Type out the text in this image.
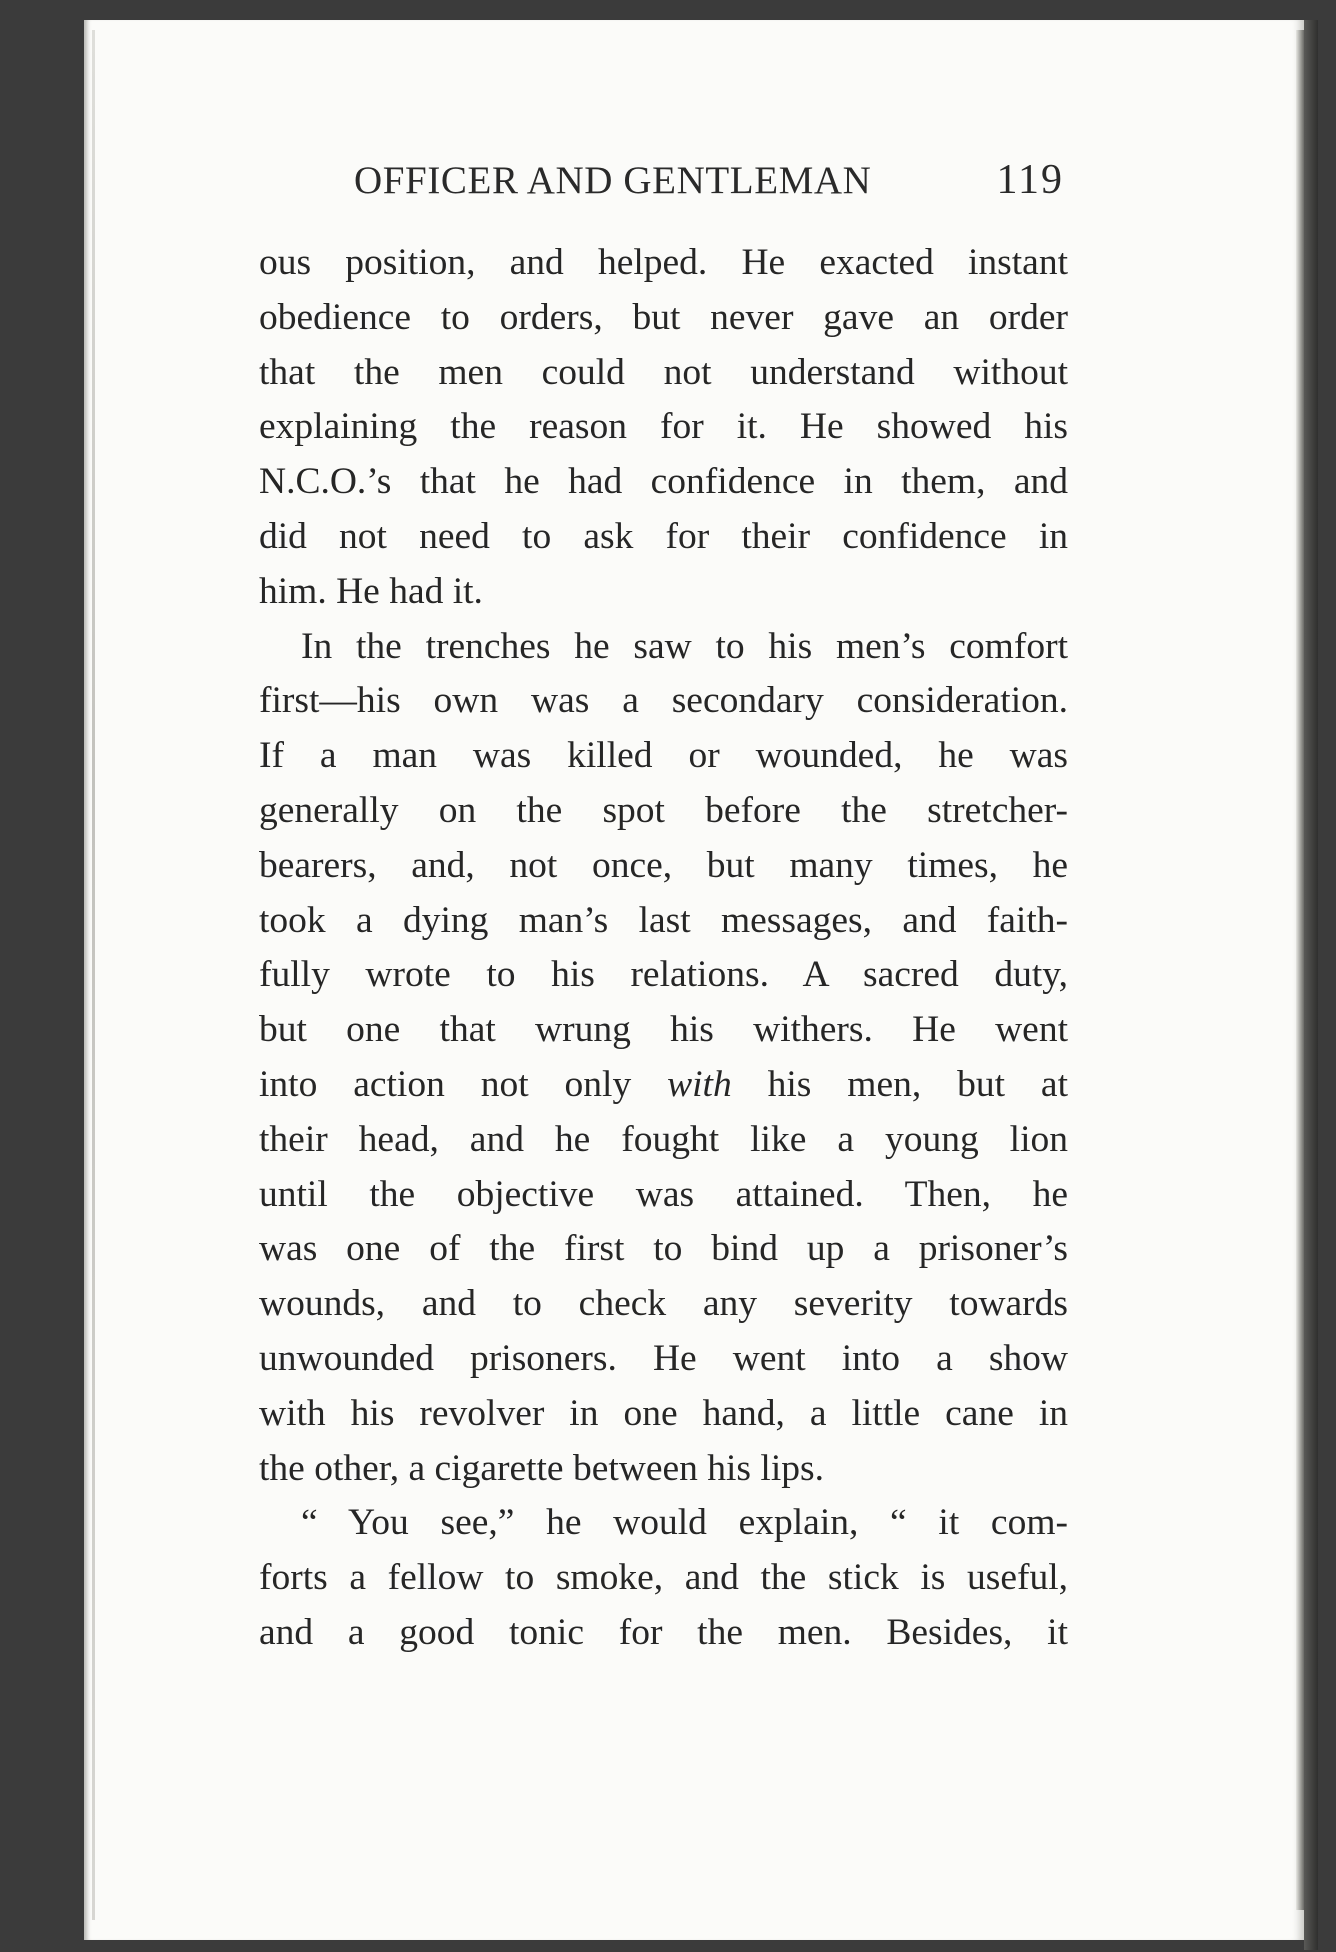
OFFICER AND GENTLEMAN	119
ous position, and helped. He exacted instant
obedience to orders, but never gave an order
that the men could not understand without
explaining the reason for it. He showed his
N.C.O.’s that he had confidence in them, and
did not need to ask for their confidence in
him. He had it.
In the trenches he saw to his men’s comfort
first—his own was a secondary consideration.
If a man was killed or wounded, he was
generally on the spot before the stretcher-
bearers, and, not once, but many times, he
took a dying man’s last messages, and faith-
fully wrote to his relations. A sacred duty,
but one that wrung his withers. He went
into action not only with his men, but at
their head, and he fought like a young lion
until the objective was attained. Then, he
was one of the first to bind up a prisoner’s
wounds, and to check any severity towards
unwounded prisoners. He went into a show
with his revolver in one hand, a little cane in
the other, a cigarette between his lips.
“ You see,” he would explain, “ it com-
forts a fellow to smoke, and the stick is useful,
and a good tonic for the men. Besides, it
